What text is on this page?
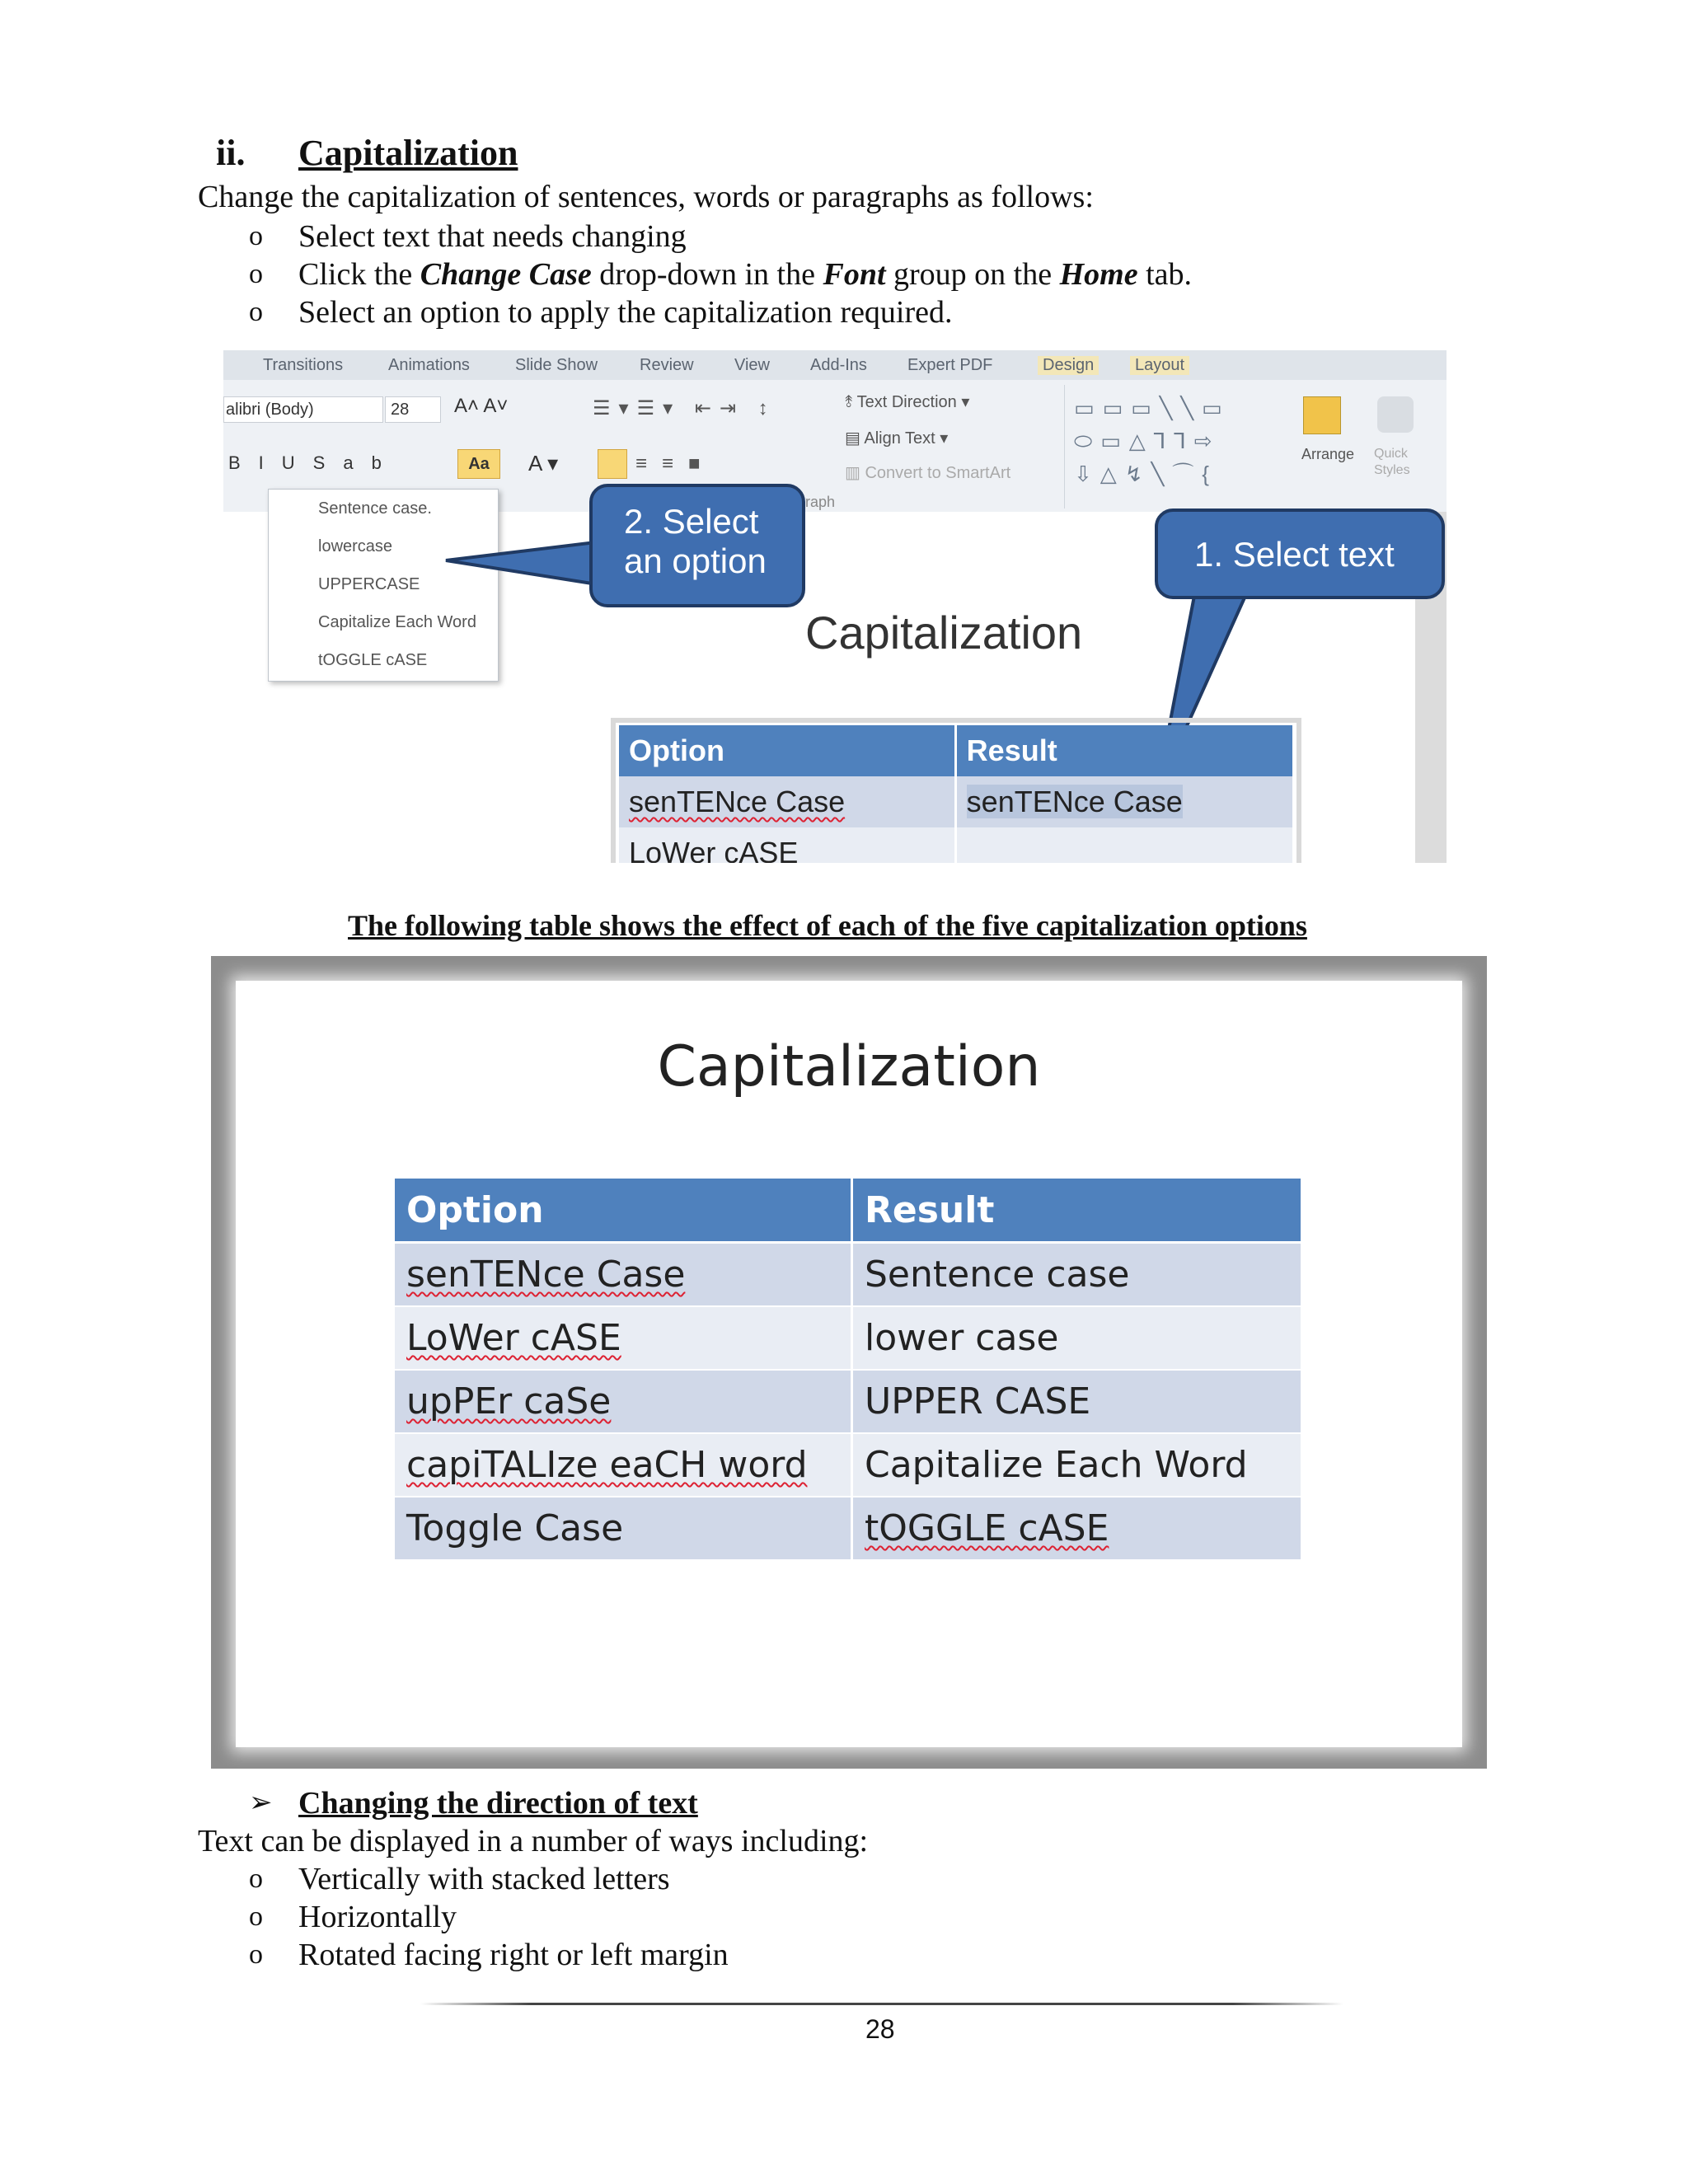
ii. Capitalization
Change the capitalization of sentences, words or paragraphs as follows:
o Select text that needs changing
o Click the Change Case drop-down in the Font group on the Home tab.
o Select an option to apply the capitalization required.
Transitions	Animations	Slide Show	Review View Add-Ins Expert PDF	Design	Layout
alibri (Body)	28	A˄ A˅
BIUSab	Aa	A ▾	≡≡■
☰▾☰▾ ⇤⇥ ↕	⥉ Text Direction ▾
▤ Align Text ▾
▥ Convert to SmartArt
raph
▭▭▭╲╲▭
⬭▭△⅂⅂⇨
⇩△↯╲⌒{
Arrange Quick Styles
Sentence case.
lowercase
UPPERCASE
Capitalize Each Word
tOGGLE cASE
2. Select
an option	1. Select text
Capitalization
Option	Result
senTENce Case	senTENce Case
LoWer cASE	
The following table shows the effect of each of the five capitalization options
Capitalization
Option	Result
senTENce Case	Sentence case
LoWer cASE	lower case
upPEr caSe	UPPER CASE
capiTALIze eaCH word	Capitalize Each Word
Toggle Case	tOGGLE cASE
➢ Changing the direction of text
Text can be displayed in a number of ways including:
o Vertically with stacked letters
o Horizontally
o Rotated facing right or left margin
28
